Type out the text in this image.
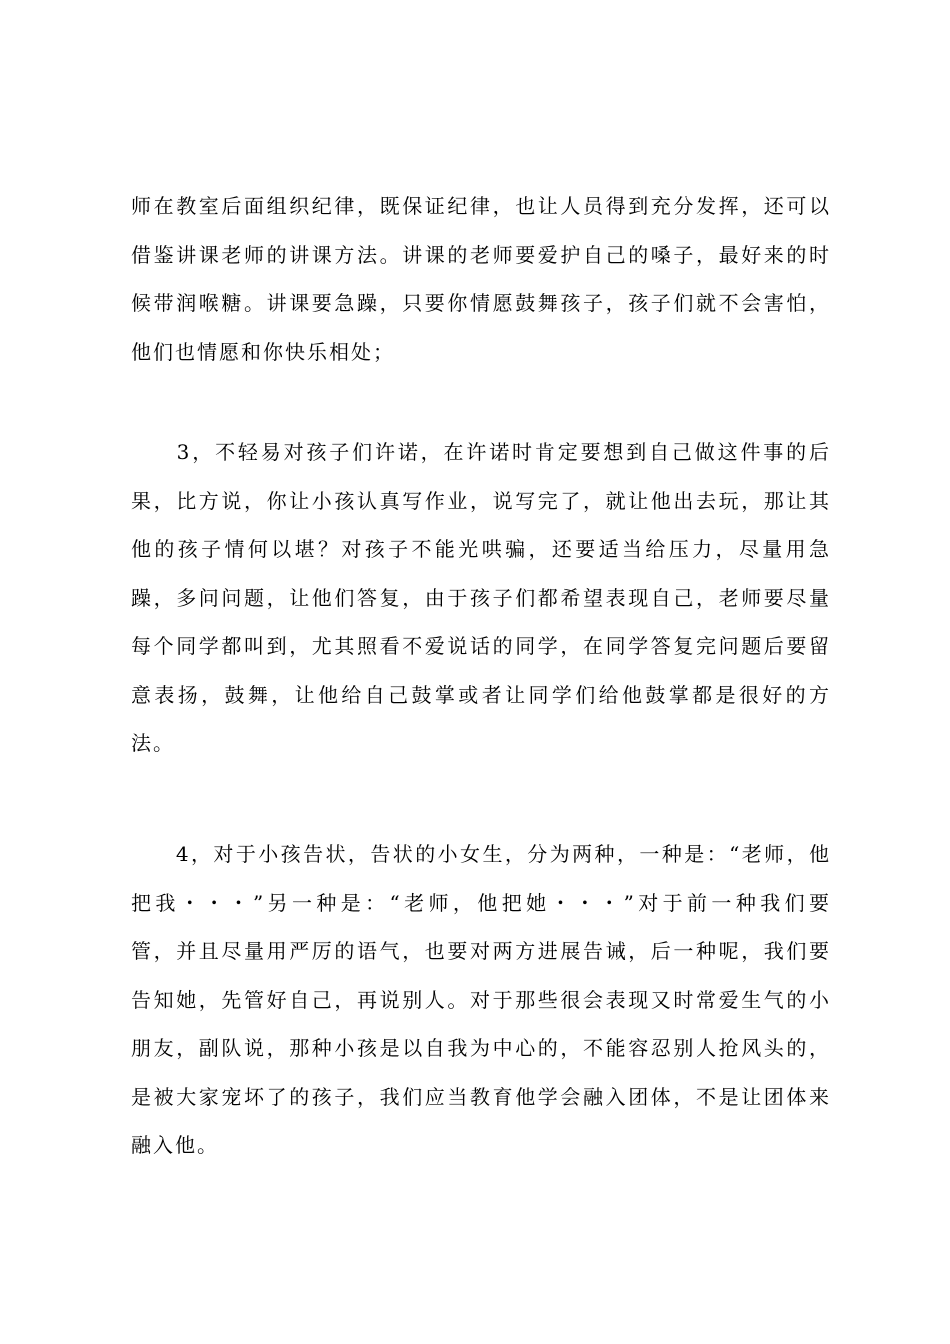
师在教室后面组织纪律，既保证纪律，也让人员得到充分发挥，还可以
借鉴讲课老师的讲课方法。讲课的老师要爱护自己的嗓子，最好来的时
候带润喉糖。讲课要急躁，只要你情愿鼓舞孩子，孩子们就不会害怕，
他们也情愿和你快乐相处；
　　3，不轻易对孩子们许诺，在许诺时肯定要想到自己做这件事的后
果，比方说，你让小孩认真写作业，说写完了，就让他出去玩，那让其
他的孩子情何以堪？对孩子不能光哄骗，还要适当给压力，尽量用急
躁，多问问题，让他们答复，由于孩子们都希望表现自己，老师要尽量
每个同学都叫到，尤其照看不爱说话的同学，在同学答复完问题后要留
意表扬，鼓舞，让他给自己鼓掌或者让同学们给他鼓掌都是很好的方
法。
　　4，对于小孩告状，告状的小女生，分为两种，一种是：“老师，他
把我・・・”另一种是：“老师，他把她・・・”对于前一种我们要
管，并且尽量用严厉的语气，也要对两方进展告诫，后一种呢，我们要
告知她，先管好自己，再说别人。对于那些很会表现又时常爱生气的小
朋友，副队说，那种小孩是以自我为中心的，不能容忍别人抢风头的，
是被大家宠坏了的孩子，我们应当教育他学会融入团体，不是让团体来
融入他。
